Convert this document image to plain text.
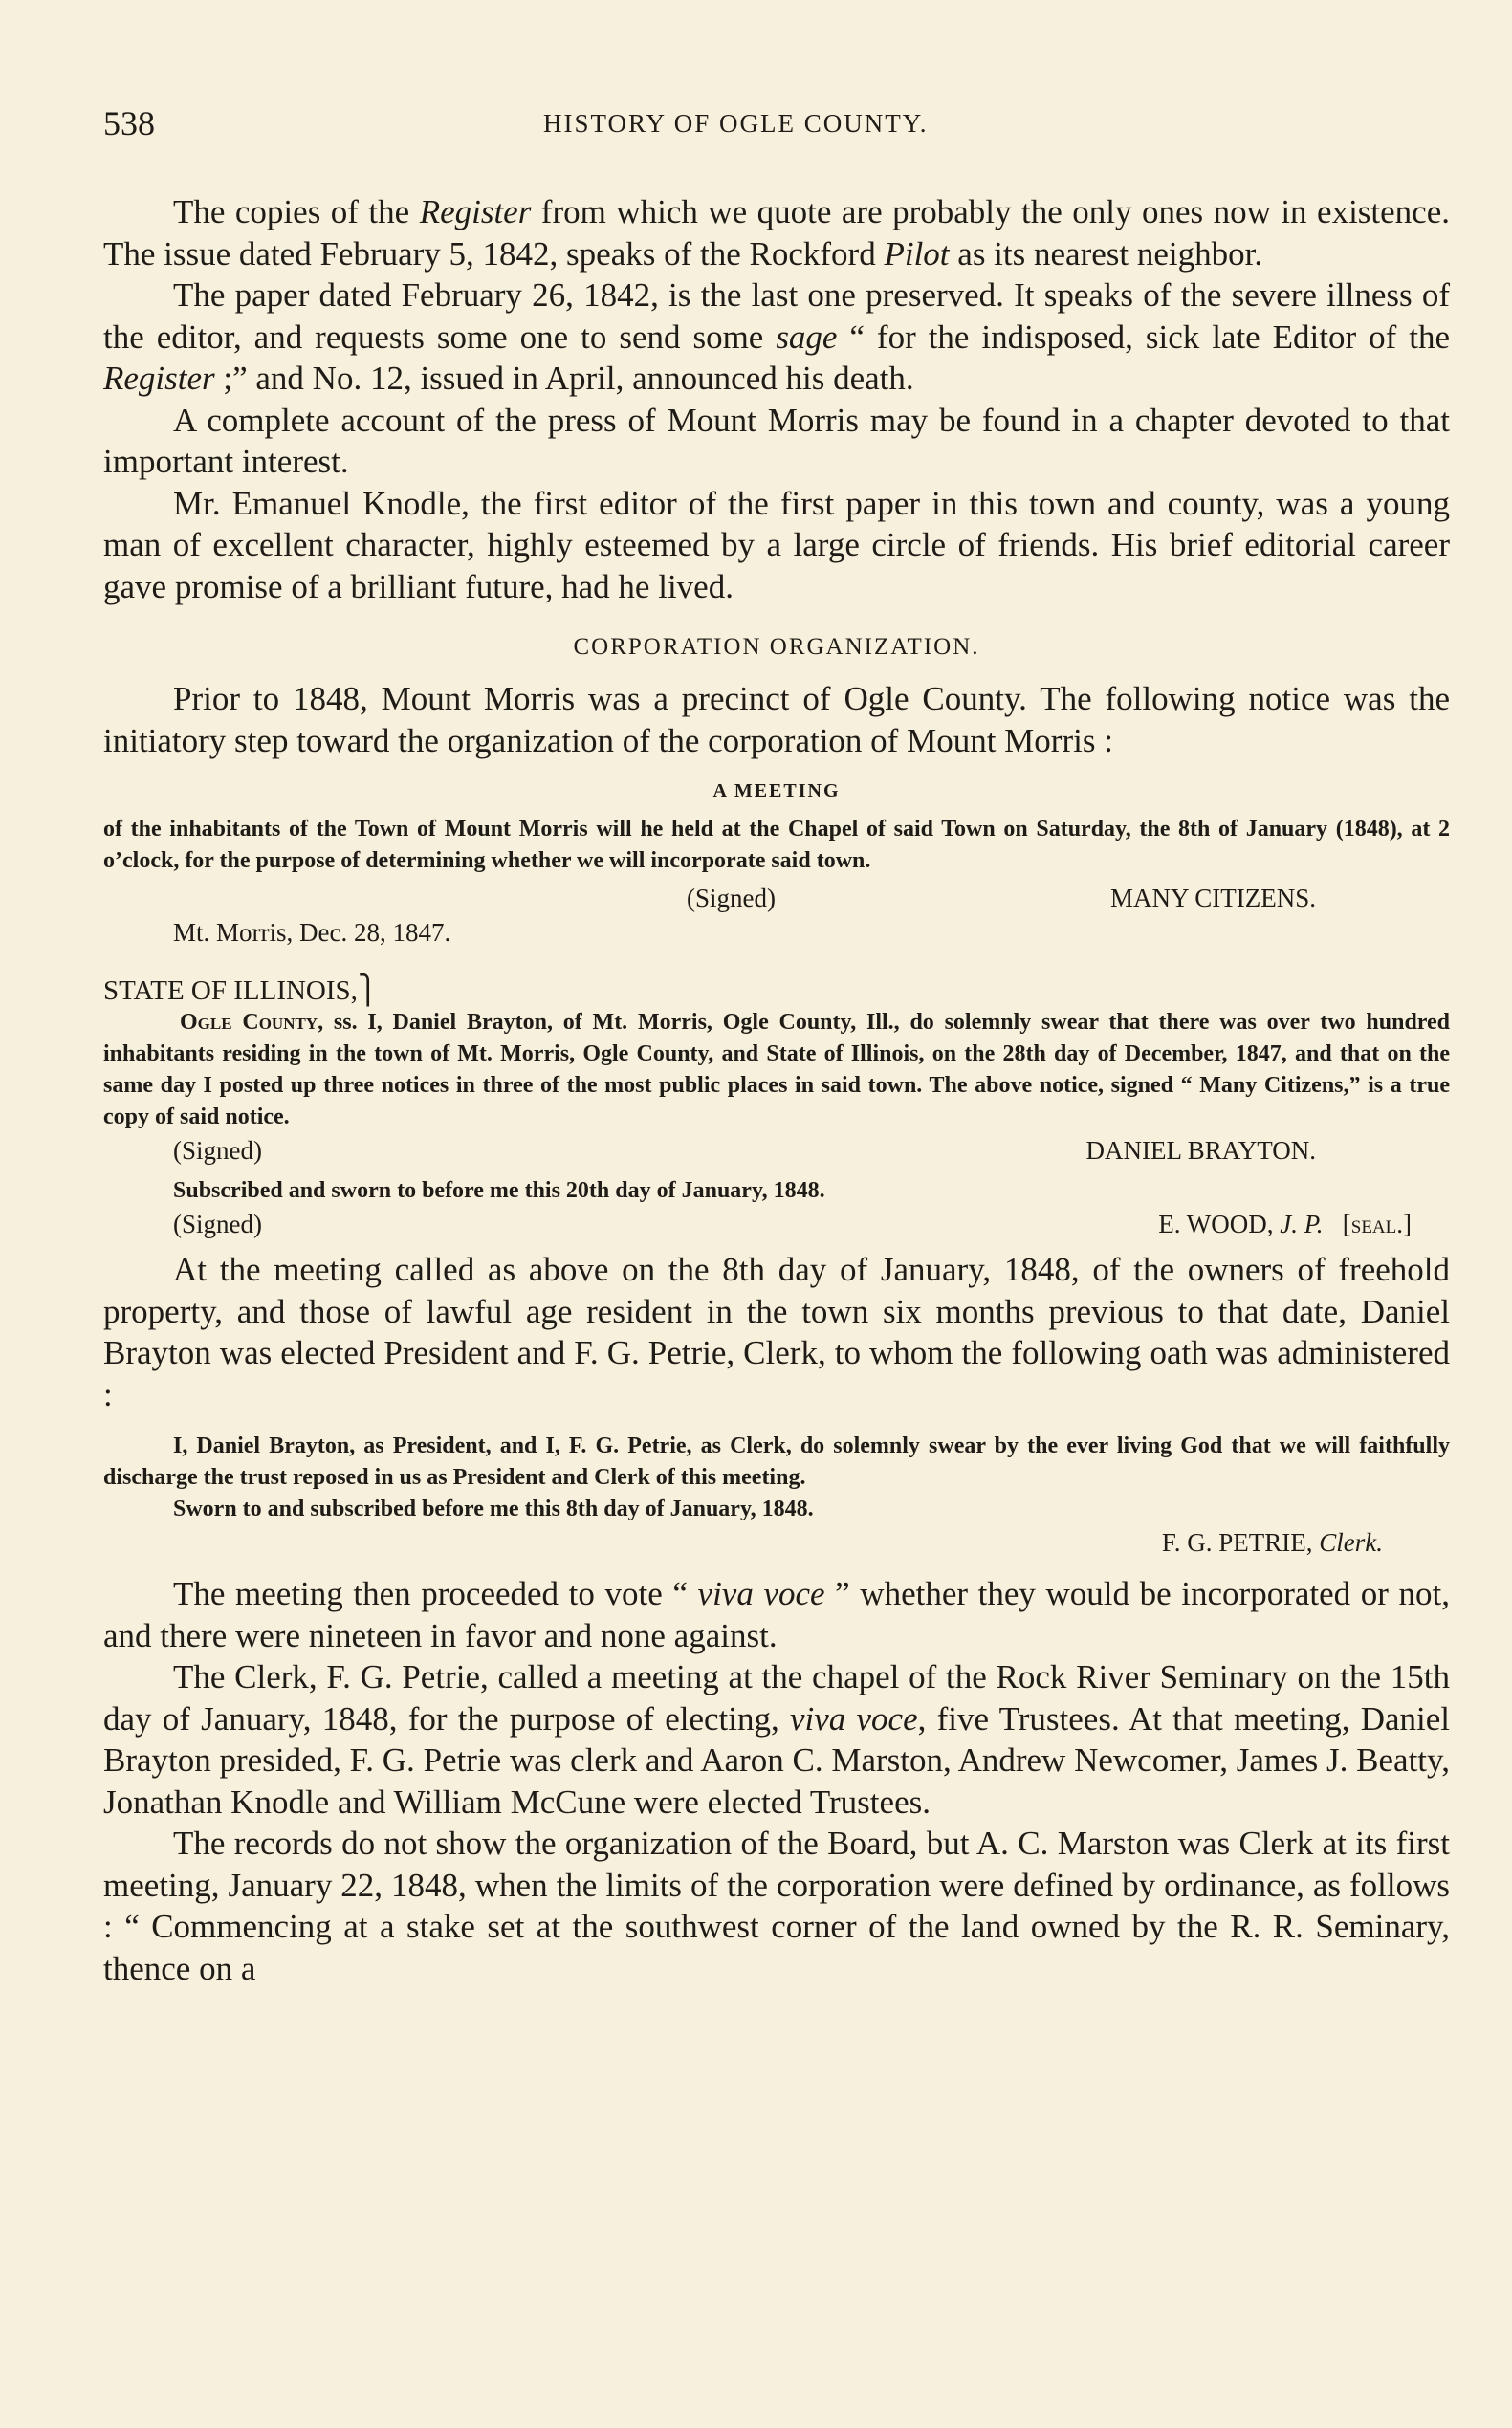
538	HISTORY OF OGLE COUNTY.

The copies of the Register from which we quote are probably the only ones now in existence. The issue dated February 5, 1842, speaks of the Rockford Pilot as its nearest neighbor.

The paper dated February 26, 1842, is the last one preserved. It speaks of the severe illness of the editor, and requests some one to send some sage “ for the indisposed, sick late Editor of the Register ;” and No. 12, issued in April, announced his death.

A complete account of the press of Mount Morris may be found in a chapter devoted to that important interest.

Mr. Emanuel Knodle, the first editor of the first paper in this town and county, was a young man of excellent character, highly esteemed by a large circle of friends. His brief editorial career gave promise of a brilliant future, had he lived.

CORPORATION ORGANIZATION.

Prior to 1848, Mount Morris was a precinct of Ogle County. The following notice was the initiatory step toward the organization of the corporation of Mount Morris :

A MEETING

of the inhabitants of the Town of Mount Morris will he held at the Chapel of said Town on Saturday, the 8th of January (1848), at 2 o’clock, for the purpose of determining whether we will incorporate said town.

(Signed)	MANY CITIZENS.
Mt. Morris, Dec. 28, 1847.
STATE OF ILLINOIS,⎫

Ogle County, ss. I, Daniel Brayton, of Mt. Morris, Ogle County, Ill., do solemnly swear that there was over two hundred inhabitants residing in the town of Mt. Morris, Ogle County, and State of Illinois, on the 28th day of December, 1847, and that on the same day I posted up three notices in three of the most public places in said town. The above notice, signed “ Many Citizens,” is a true copy of said notice.

(Signed)	DANIEL BRAYTON.

Subscribed and sworn to before me this 20th day of January, 1848.

(Signed)	E. WOOD, J. P. [seal.]

At the meeting called as above on the 8th day of January, 1848, of the owners of freehold property, and those of lawful age resident in the town six months previous to that date, Daniel Brayton was elected President and F. G. Petrie, Clerk, to whom the following oath was administered :

I, Daniel Brayton, as President, and I, F. G. Petrie, as Clerk, do solemnly swear by the ever living God that we will faithfully discharge the trust reposed in us as President and Clerk of this meeting.

Sworn to and subscribed before me this 8th day of January, 1848.

F. G. PETRIE, Clerk.

The meeting then proceeded to vote “ viva voce ” whether they would be incorporated or not, and there were nineteen in favor and none against.

The Clerk, F. G. Petrie, called a meeting at the chapel of the Rock River Seminary on the 15th day of January, 1848, for the purpose of electing, viva voce, five Trustees. At that meeting, Daniel Brayton presided, F. G. Petrie was clerk and Aaron C. Marston, Andrew Newcomer, James J. Beatty, Jonathan Knodle and William McCune were elected Trustees.

The records do not show the organization of the Board, but A. C. Marston was Clerk at its first meeting, January 22, 1848, when the limits of the corporation were defined by ordinance, as follows : “ Commencing at a stake set at the southwest corner of the land owned by the R. R. Seminary, thence on a
